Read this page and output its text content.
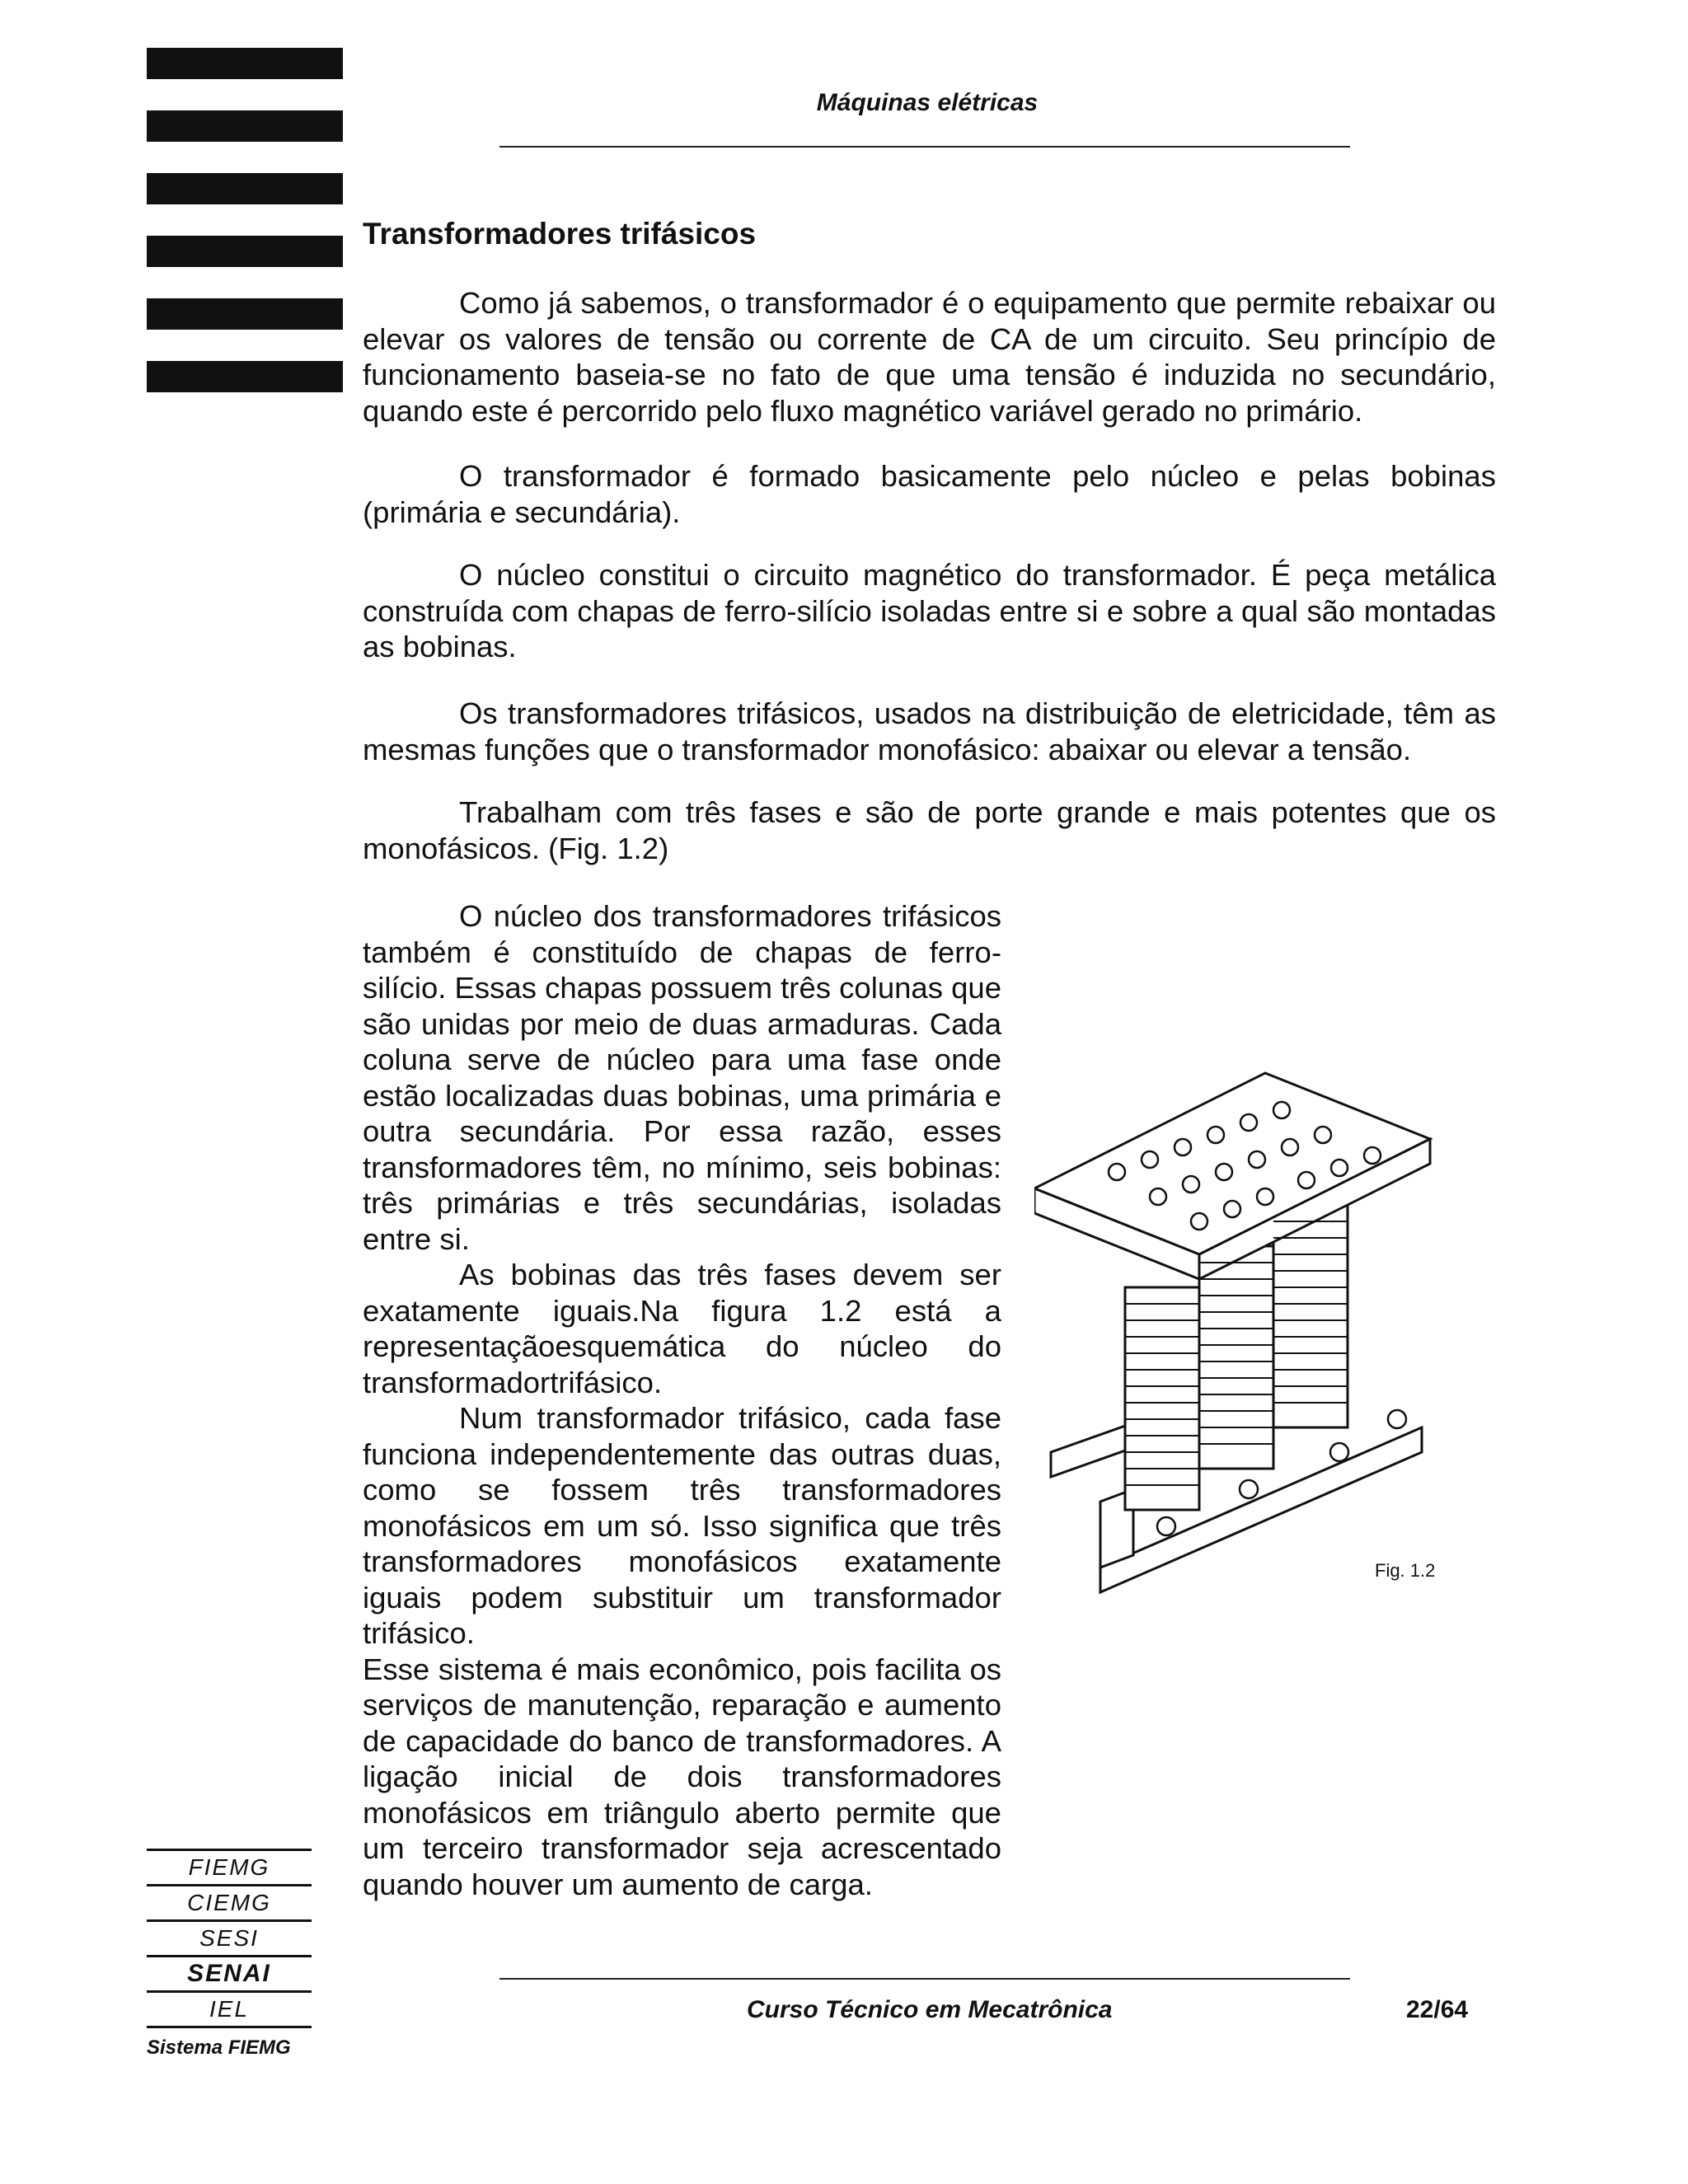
Máquinas elétricas
Transformadores trifásicos

Como já sabemos, o transformador é o equipamento que permite rebaixar ou elevar os valores de tensão ou corrente de CA de um circuito. Seu princípio de funcionamento baseia-se no fato de que uma tensão é induzida no secundário, quando este é percorrido pelo fluxo magnético variável gerado no primário.

O transformador é formado basicamente pelo núcleo e pelas bobinas (primária e secundária).

O núcleo constitui o circuito magnético do transformador. É peça metálica construída com chapas de ferro-silício isoladas entre si e sobre a qual são montadas as bobinas.

Os transformadores trifásicos, usados na distribuição de eletricidade, têm as mesmas funções que o transformador monofásico: abaixar ou elevar a tensão.

Trabalham com três fases e são de porte grande e mais potentes que os monofásicos. (Fig. 1.2)

O núcleo dos transformadores trifásicos também é constituído de chapas de ferro-silício. Essas chapas possuem três colunas que são unidas por meio de duas armaduras. Cada coluna serve de núcleo para uma fase onde estão localizadas duas bobinas, uma primária e outra secundária. Por essa razão, esses transformadores têm, no mínimo, seis bobinas: três primárias e três secundárias, isoladas entre si.

As bobinas das três fases devem ser exatamente iguais.Na figura 1.2 está a representaçãoesquemática do núcleo do transformadortrifásico.

Num transformador trifásico, cada fase funciona independentemente das outras duas, como se fossem três transformadores monofásicos em um só. Isso significa que três transformadores monofásicos exatamente iguais podem substituir um transformador trifásico.

Esse sistema é mais econômico, pois facilita os serviços de manutenção, reparação e aumento de capacidade do banco de transformadores. A ligação inicial de dois transformadores monofásicos em triângulo aberto permite que um terceiro transformador seja acrescentado quando houver um aumento de carga.

Fig. 1.2
FIEMG
CIEMG
SESI
SENAI
IEL
Sistema FIEMG
Curso Técnico em Mecatrônica	22/64
